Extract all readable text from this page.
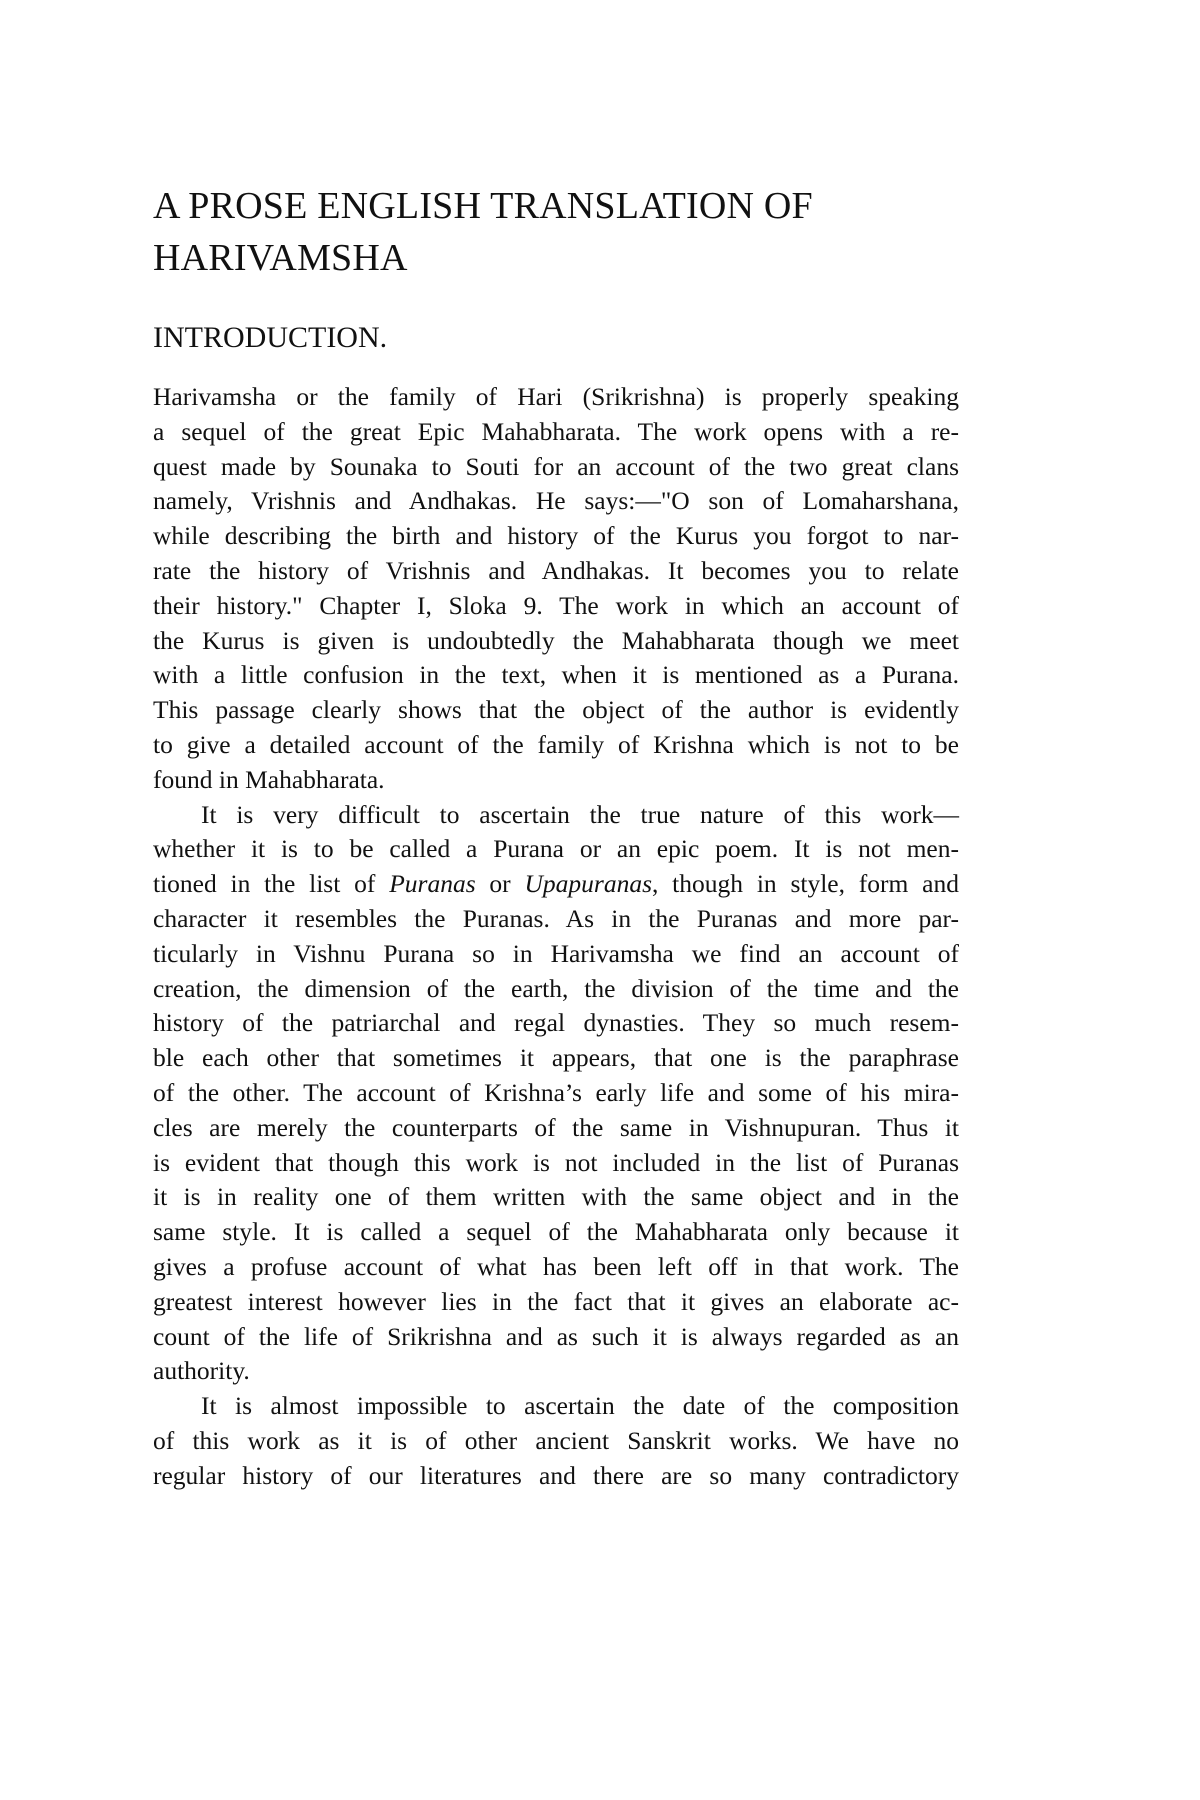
A PROSE ENGLISH TRANSLATION OF
HARIVAMSHA
INTRODUCTION.
Harivamsha or the family of Hari (Srikrishna) is properly speaking
a sequel of the great Epic Mahabharata. The work opens with a re-
quest made by Sounaka to Souti for an account of the two great clans
namely, Vrishnis and Andhakas. He says:—"O son of Lomaharshana,
while describing the birth and history of the Kurus you forgot to nar-
rate the history of Vrishnis and Andhakas. It becomes you to relate
their history." Chapter I, Sloka 9. The work in which an account of
the Kurus is given is undoubtedly the Mahabharata though we meet
with a little confusion in the text, when it is mentioned as a Purana.
This passage clearly shows that the object of the author is evidently
to give a detailed account of the family of Krishna which is not to be
found in Mahabharata.
It is very difficult to ascertain the true nature of this work—
whether it is to be called a Purana or an epic poem. It is not men-
tioned in the list of Puranas or Upapuranas, though in style, form and
character it resembles the Puranas. As in the Puranas and more par-
ticularly in Vishnu Purana so in Harivamsha we find an account of
creation, the dimension of the earth, the division of the time and the
history of the patriarchal and regal dynasties. They so much resem-
ble each other that sometimes it appears, that one is the paraphrase
of the other. The account of Krishna’s early life and some of his mira-
cles are merely the counterparts of the same in Vishnupuran. Thus it
is evident that though this work is not included in the list of Puranas
it is in reality one of them written with the same object and in the
same style. It is called a sequel of the Mahabharata only because it
gives a profuse account of what has been left off in that work. The
greatest interest however lies in the fact that it gives an elaborate ac-
count of the life of Srikrishna and as such it is always regarded as an
authority.
It is almost impossible to ascertain the date of the composition
of this work as it is of other ancient Sanskrit works. We have no
regular history of our literatures and there are so many contradictory
